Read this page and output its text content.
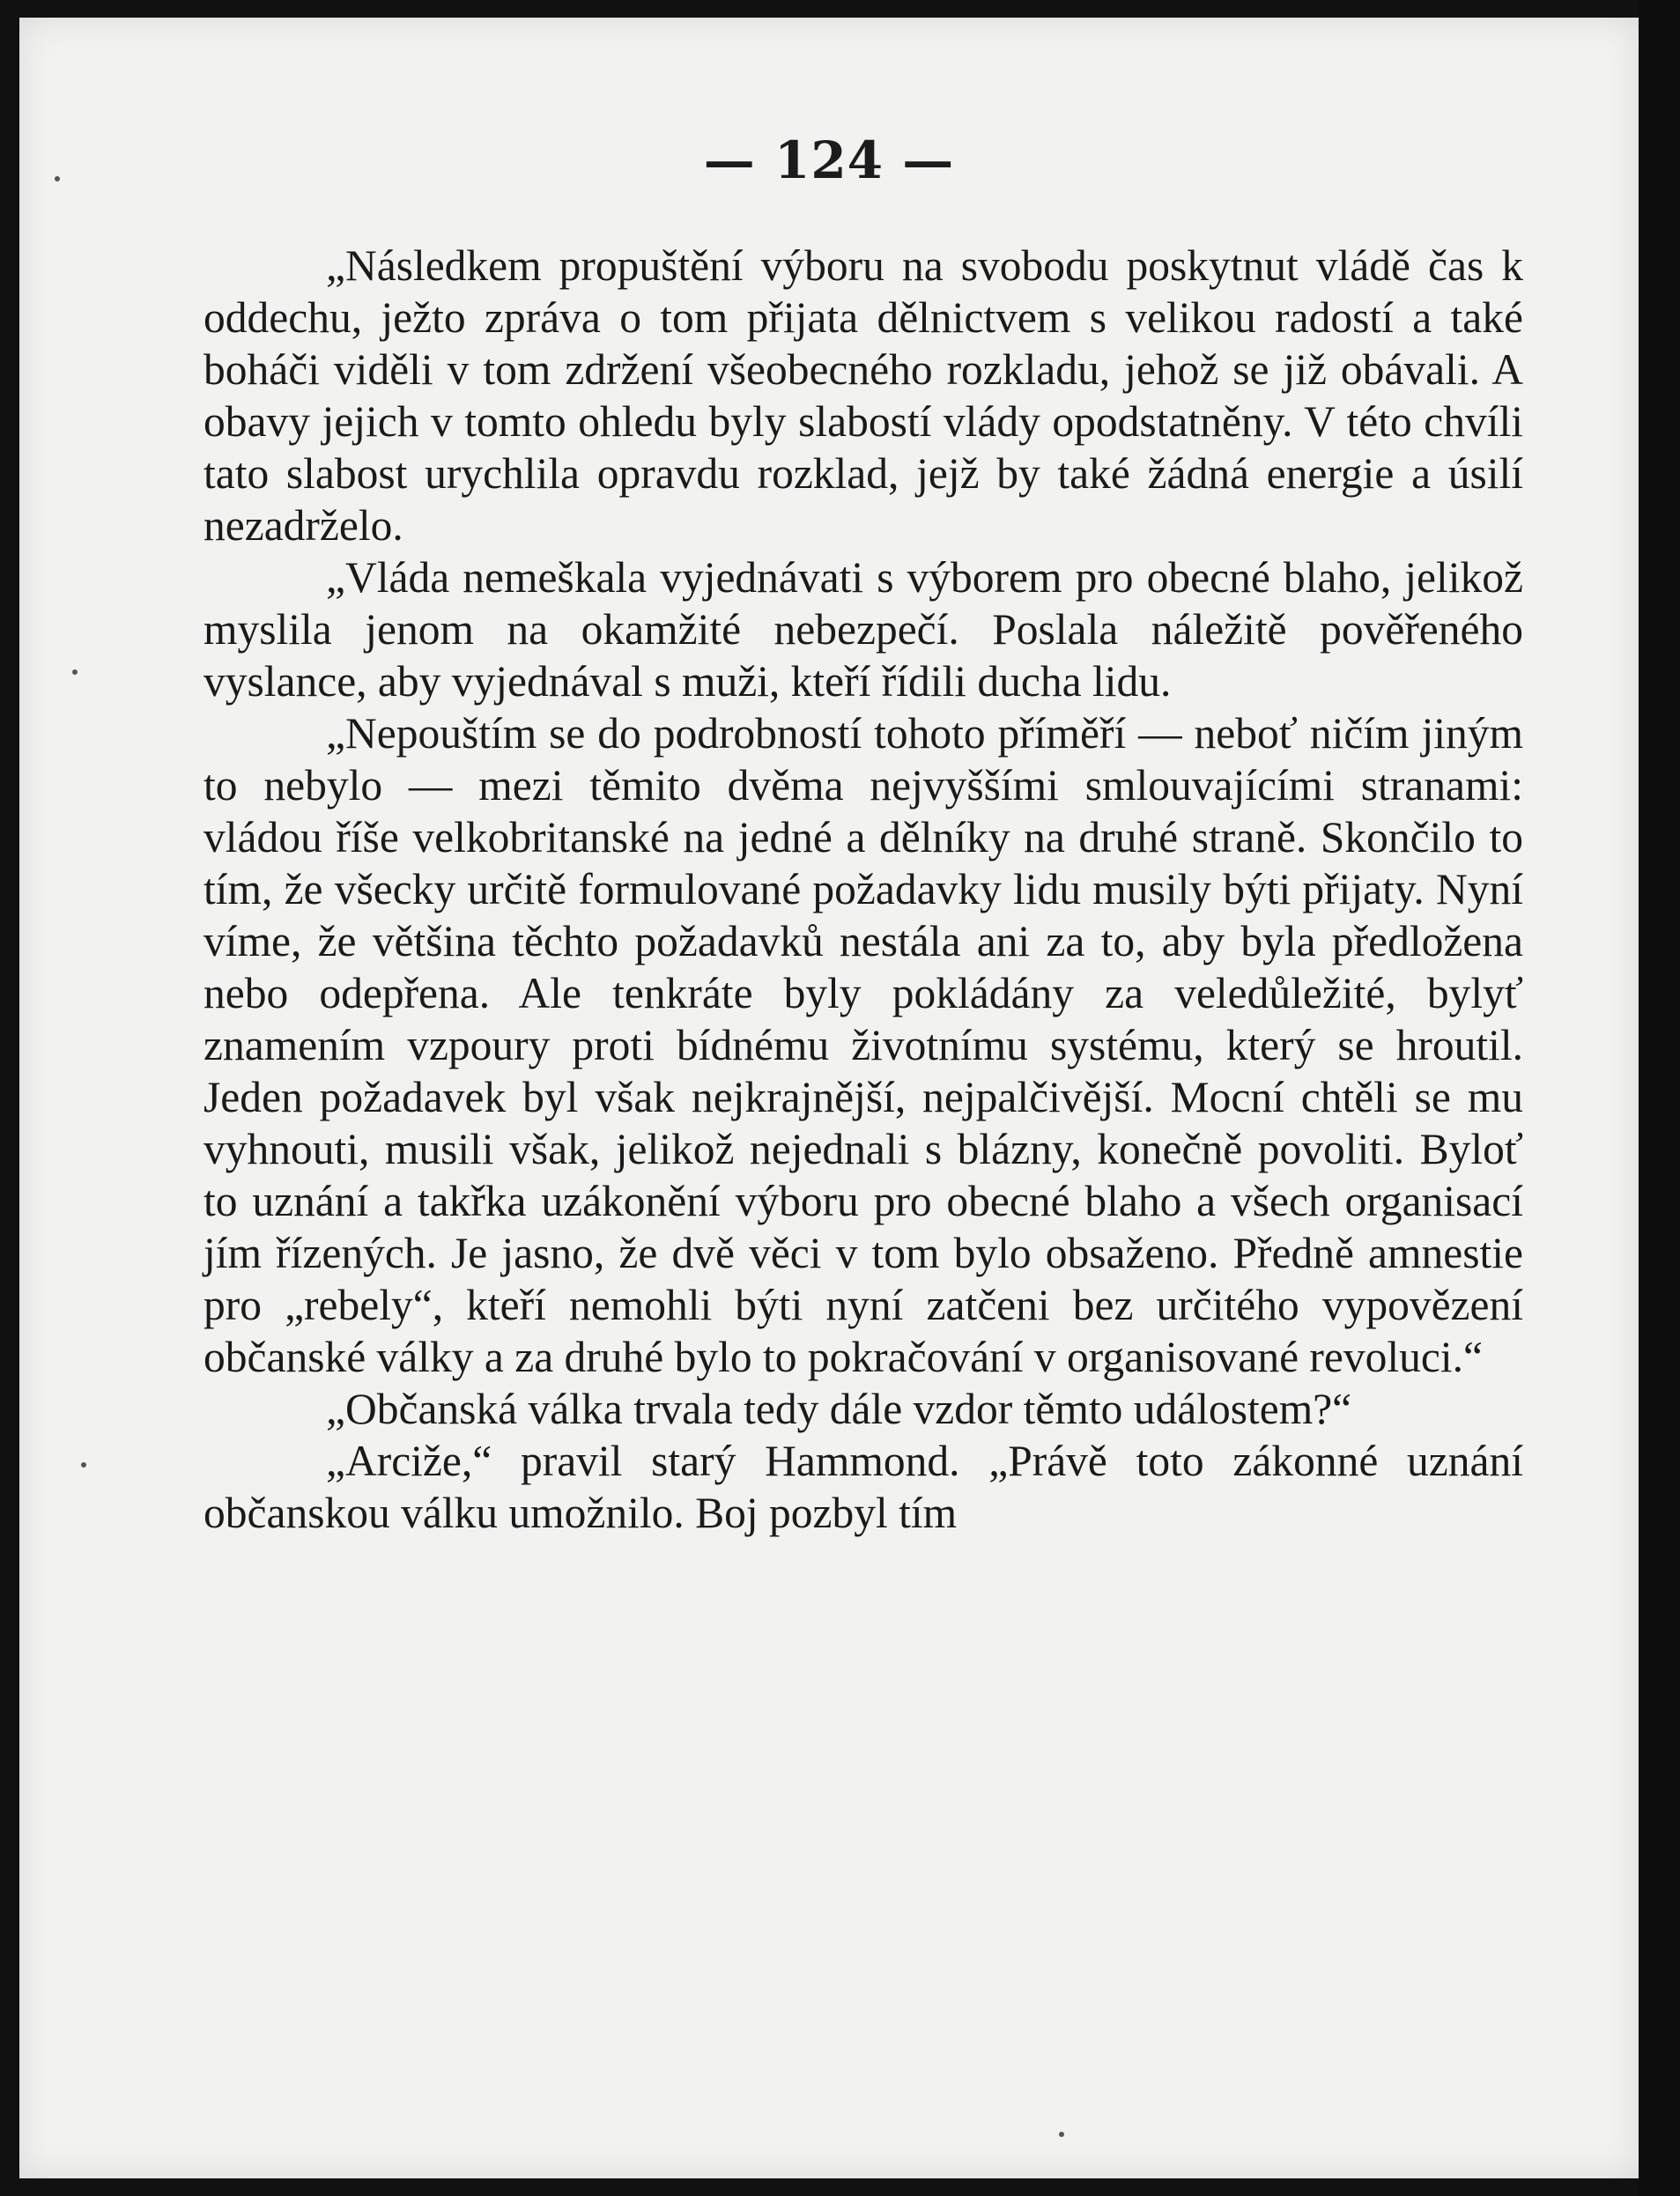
— 124 —

„Následkem propuštění výboru na svobodu poskytnut vládě čas k oddechu, ježto zpráva o tom přijata dělnictvem s velikou radostí a také boháči viděli v tom zdržení všeobecného rozkladu, jehož se již obávali. A obavy jejich v tomto ohledu byly slabostí vlády opodstatněny. V této chvíli tato slabost urychlila opravdu rozklad, jejž by také žádná energie a úsilí nezadrželo.

„Vláda nemeškala vyjednávati s výborem pro obecné blaho, jelikož myslila jenom na okamžité nebezpečí. Poslala náležitě pověřeného vyslance, aby vyjednával s muži, kteří řídili ducha lidu.

„Nepouštím se do podrobností tohoto příměří — neboť ničím jiným to nebylo — mezi těmito dvěma nejvyššími smlouvajícími stranami: vládou říše velkobritanské na jedné a dělníky na druhé straně. Skončilo to tím, že všecky určitě formulované požadavky lidu musily býti přijaty. Nyní víme, že většina těchto požadavků nestála ani za to, aby byla předložena nebo odepřena. Ale tenkráte byly pokládány za veledůležité, bylyť znamením vzpoury proti bídnému životnímu systému, který se hroutil. Jeden požadavek byl však nejkrajnější, nejpalčivější. Mocní chtěli se mu vyhnouti, musili však, jelikož nejednali s blázny, konečně povoliti. Byloť to uznání a takřka uzákonění výboru pro obecné blaho a všech organisací jím řízených. Je jasno, že dvě věci v tom bylo obsaženo. Předně amnestie pro „rebely“, kteří nemohli býti nyní zatčeni bez určitého vypovězení občanské války a za druhé bylo to pokračování v organisované revoluci.“

„Občanská válka trvala tedy dále vzdor těmto událostem?“

„Arciže,“ pravil starý Hammond. „Právě toto zákonné uznání občanskou válku umožnilo. Boj pozbyl tím
